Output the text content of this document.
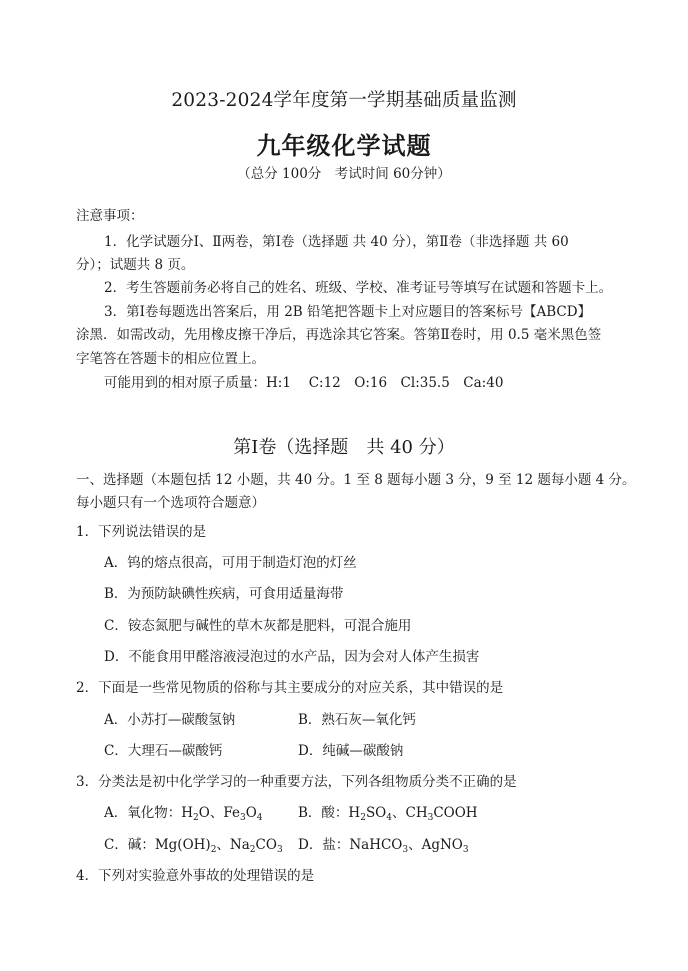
2023-2024学年度第一学期基础质量监测
九年级化学试题
（总分 100分　考试时间 60分钟）
注意事项：
1．化学试题分Ⅰ、Ⅱ两卷，第Ⅰ卷（选择题 共 40 分），第Ⅱ卷（非选择题 共 60
分）；试题共 8 页。
2．考生答题前务必将自己的姓名、班级、学校、准考证号等填写在试题和答题卡上。
3．第Ⅰ卷每题选出答案后，用 2B 铅笔把答题卡上对应题目的答案标号【ABCD】
涂黑．如需改动，先用橡皮擦干净后，再选涂其它答案。答第Ⅱ卷时，用 0.5 毫米黑色签
字笔答在答题卡的相应位置上。
可能用到的相对原子质量：H:1　 C:12　O:16　Cl:35.5　Ca:40
第Ⅰ卷（选择题　共 40 分）
一、选择题（本题包括 12 小题，共 40 分。1 至 8 题每小题 3 分，9 至 12 题每小题 4 分。
每小题只有一个选项符合题意）
1．下列说法错误的是
A．钨的熔点很高，可用于制造灯泡的灯丝
B．为预防缺碘性疾病，可食用适量海带
C．铵态氮肥与碱性的草木灰都是肥料，可混合施用
D．不能食用甲醛溶液浸泡过的水产品，因为会对人体产生损害
2．下面是一些常见物质的俗称与其主要成分的对应关系，其中错误的是
A．小苏打—碳酸氢钠	B．熟石灰—氧化钙
C．大理石—碳酸钙	D．纯碱—碳酸钠
3．分类法是初中化学学习的一种重要方法，下列各组物质分类不正确的是
A．氧化物：$H_2O$、$Fe_3O_4$	B．酸：$H_2SO_4$、$CH_3COOH$
C．碱：$Mg(OH)_2$、$Na_2CO_3$ D．盐：NaHCO$_3$、AgNO$_3$
4．下列对实验意外事故的处理错误的是
